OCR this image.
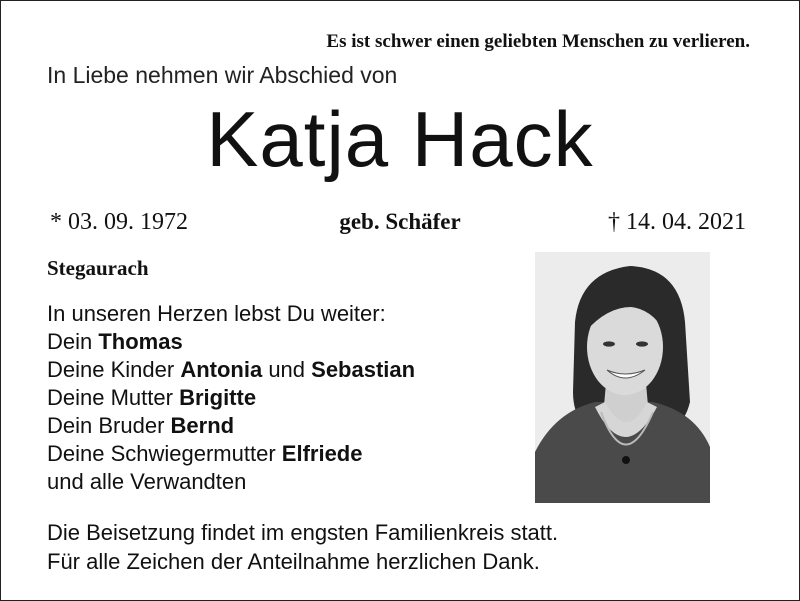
Es ist schwer einen geliebten Menschen zu verlieren.
In Liebe nehmen wir Abschied von
Katja Hack
* 03. 09. 1972	geb. Schäfer	† 14. 04. 2021
Stegaurach
In unseren Herzen lebst Du weiter:
Dein Thomas
Deine Kinder Antonia und Sebastian
Deine Mutter Brigitte
Dein Bruder Bernd
Deine Schwiegermutter Elfriede
und alle Verwandten
Die Beisetzung findet im engsten Familienkreis statt.
Für alle Zeichen der Anteilnahme herzlichen Dank.
